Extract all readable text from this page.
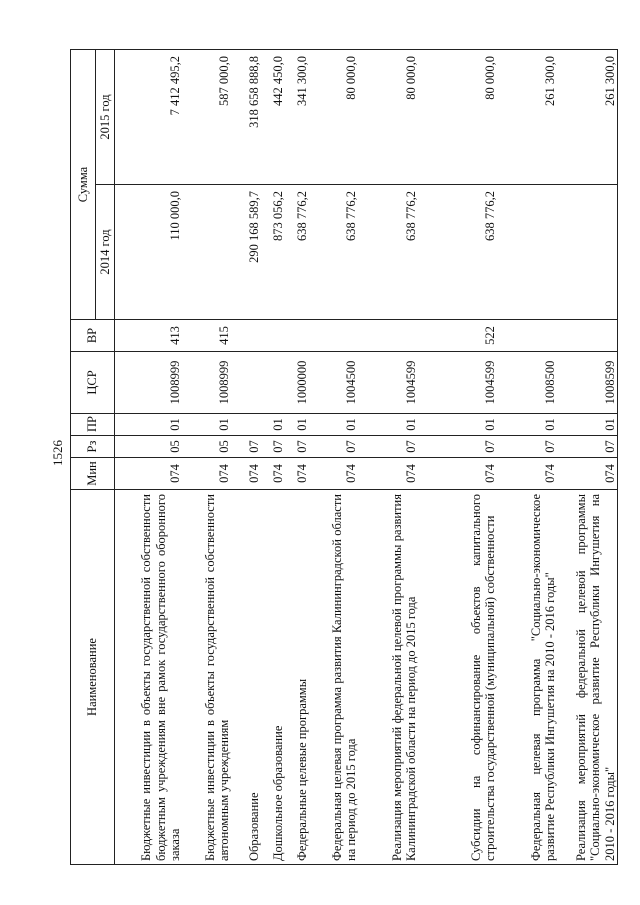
1526
Наименование	Мин	Рз	ПР	ЦСР	ВР	Сумма	
						2014 год	2015 год
Бюджетные инвестиции в объекты государственной собственности бюджетным учреждениям вне рамок государственного оборонного заказа	074	05	01	1008999	413	110 000,0	7 412 495,2
Бюджетные инвестиции в объекты государственной собственности автономным учреждениям	074	05	01	1008999	415		587 000,0
Образование	074	07				290 168 589,7	318 658 888,8
Дошкольное образование	074	07	01			873 056,2	442 450,0
Федеральные целевые программы	074	07	01	1000000		638 776,2	341 300,0
Федеральная целевая программа развития Калининградской области на период до 2015 года	074	07	01	1004500		638 776,2	80 000,0
Реализация мероприятий федеральной целевой программы развития Калининградской области на период до 2015 года	074	07	01	1004599		638 776,2	80 000,0
Субсидии на софинансирование объектов капитального строительства государственной (муниципальной) собственности	074	07	01	1004599	522	638 776,2	80 000,0
Федеральная целевая программа "Социально-экономическое развитие Республики Ингушетия на 2010 - 2016 годы"	074	07	01	1008500			261 300,0
Реализация мероприятий федеральной целевой программы "Социально-экономическое развитие Республики Ингушетия на 2010 - 2016 годы"	074	07	01	1008599			261 300,0
